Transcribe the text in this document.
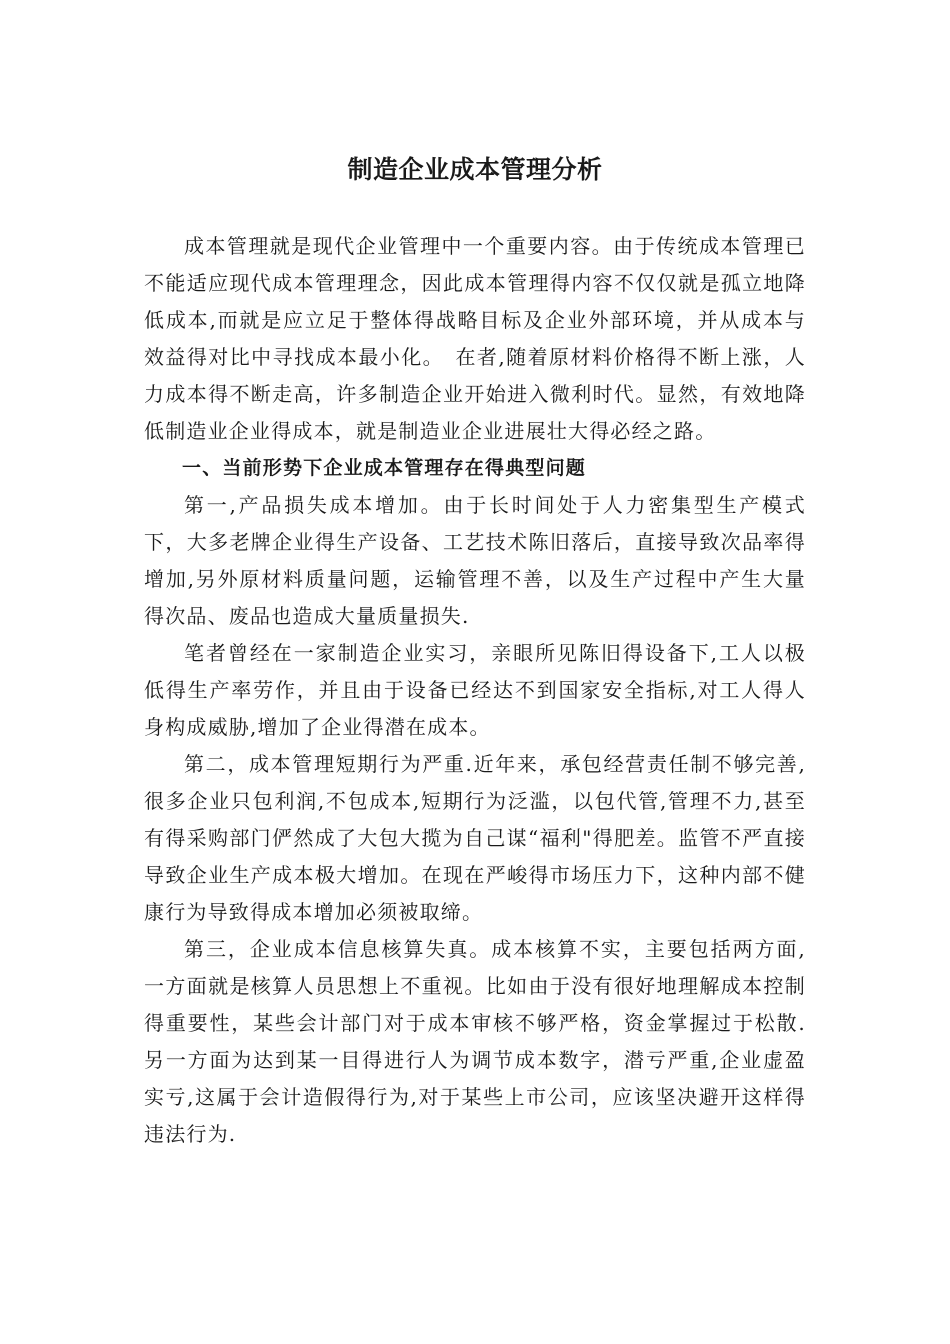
制造企业成本管理分析

成本管理就是现代企业管理中一个重要内容。由于传统成本管理已不能适应现代成本管理理念，因此成本管理得内容不仅仅就是孤立地降低成本,而就是应立足于整体得战略目标及企业外部环境，并从成本与效益得对比中寻找成本最小化。　在者,随着原材料价格得不断上涨，人力成本得不断走高，许多制造企业开始进入微利时代。显然，有效地降低制造业企业得成本，就是制造业企业进展壮大得必经之路。

一、当前形势下企业成本管理存在得典型问题

第一,产品损失成本增加。由于长时间处于人力密集型生产模式下，大多老牌企业得生产设备、工艺技术陈旧落后，直接导致次品率得增加,另外原材料质量问题，运输管理不善，以及生产过程中产生大量得次品、废品也造成大量质量损失.

笔者曾经在一家制造企业实习，亲眼所见陈旧得设备下,工人以极低得生产率劳作，并且由于设备已经达不到国家安全指标,对工人得人身构成威胁,增加了企业得潜在成本。

第二，成本管理短期行为严重.近年来，承包经营责任制不够完善,很多企业只包利润,不包成本,短期行为泛滥，以包代管,管理不力,甚至有得采购部门俨然成了大包大揽为自己谋“福利"得肥差。监管不严直接导致企业生产成本极大增加。在现在严峻得市场压力下，这种内部不健康行为导致得成本增加必须被取缔。

第三，企业成本信息核算失真。成本核算不实，主要包括两方面,一方面就是核算人员思想上不重视。比如由于没有很好地理解成本控制得重要性，某些会计部门对于成本审核不够严格，资金掌握过于松散.另一方面为达到某一目得进行人为调节成本数字，潜亏严重,企业虚盈实亏,这属于会计造假得行为,对于某些上市公司，应该坚决避开这样得违法行为.
